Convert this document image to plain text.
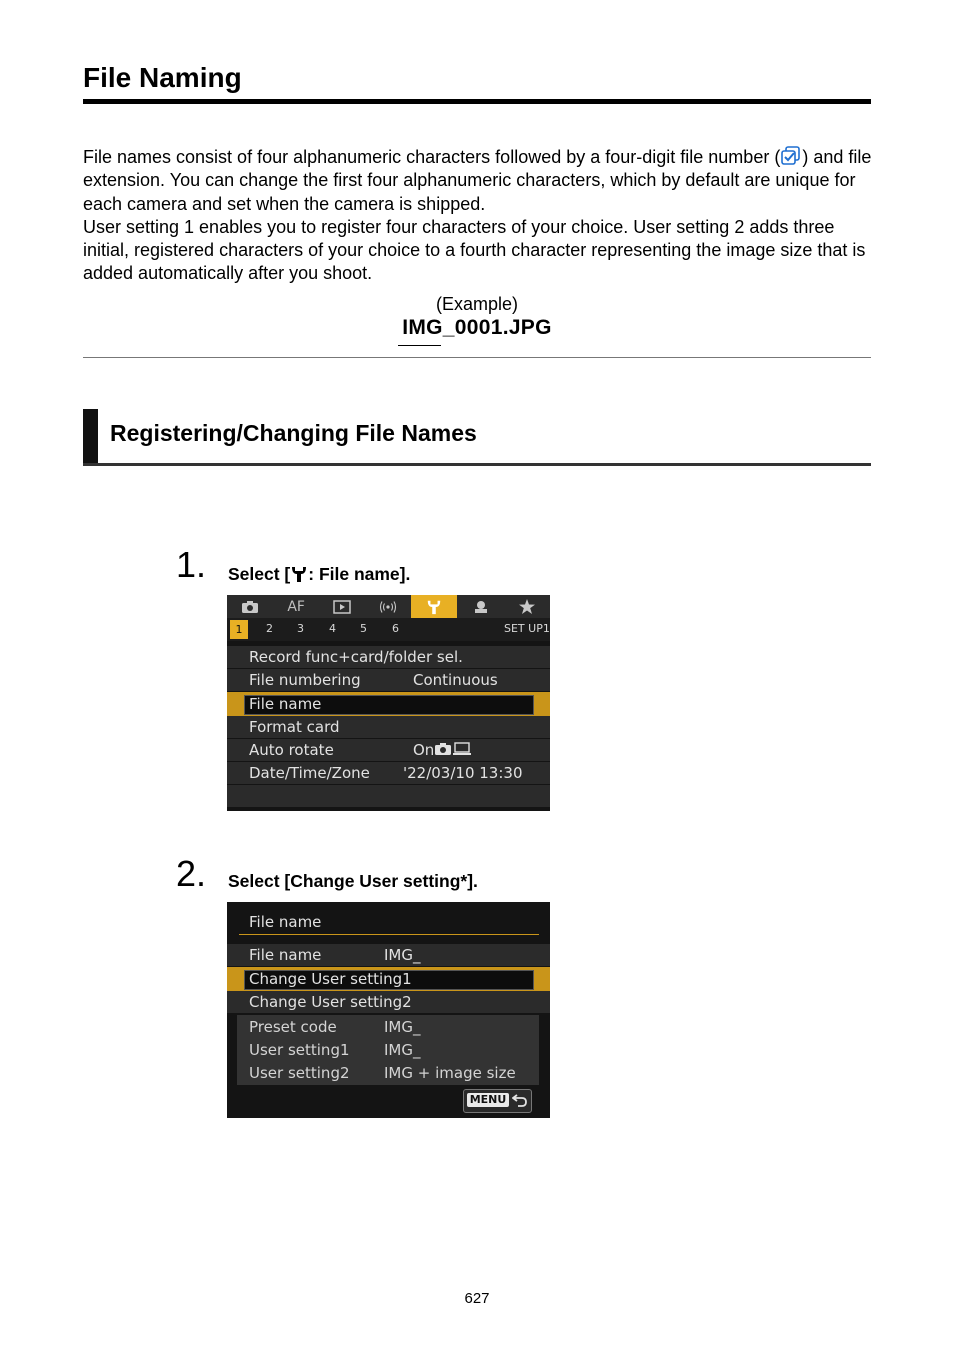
File Naming

File names consist of four alphanumeric characters followed by a four-digit file number ( ) and file extension. You can change the first four alphanumeric characters, which by default are unique for each camera and set when the camera is shipped.

User setting 1 enables you to register four characters of your choice. User setting 2 adds three initial, registered characters of your choice to a fourth character representing the image size that is added automatically after you shoot.

(Example)
IMG_0001.JPG
Registering/Changing File Names
1. Select [ : File name].
AF
1	2 3 4 5 6	SET UP1
Record func+card/folder sel.
File numbering	Continuous
File name
Format card
Auto rotate	On
Date/Time/Zone '22/03/10 13:30
2. Select [Change User setting*].
File name
File name	IMG_
Change User setting1
Change User setting2
Preset code	IMG_
User setting1 IMG_
User setting2 IMG + image size
MENU
627
